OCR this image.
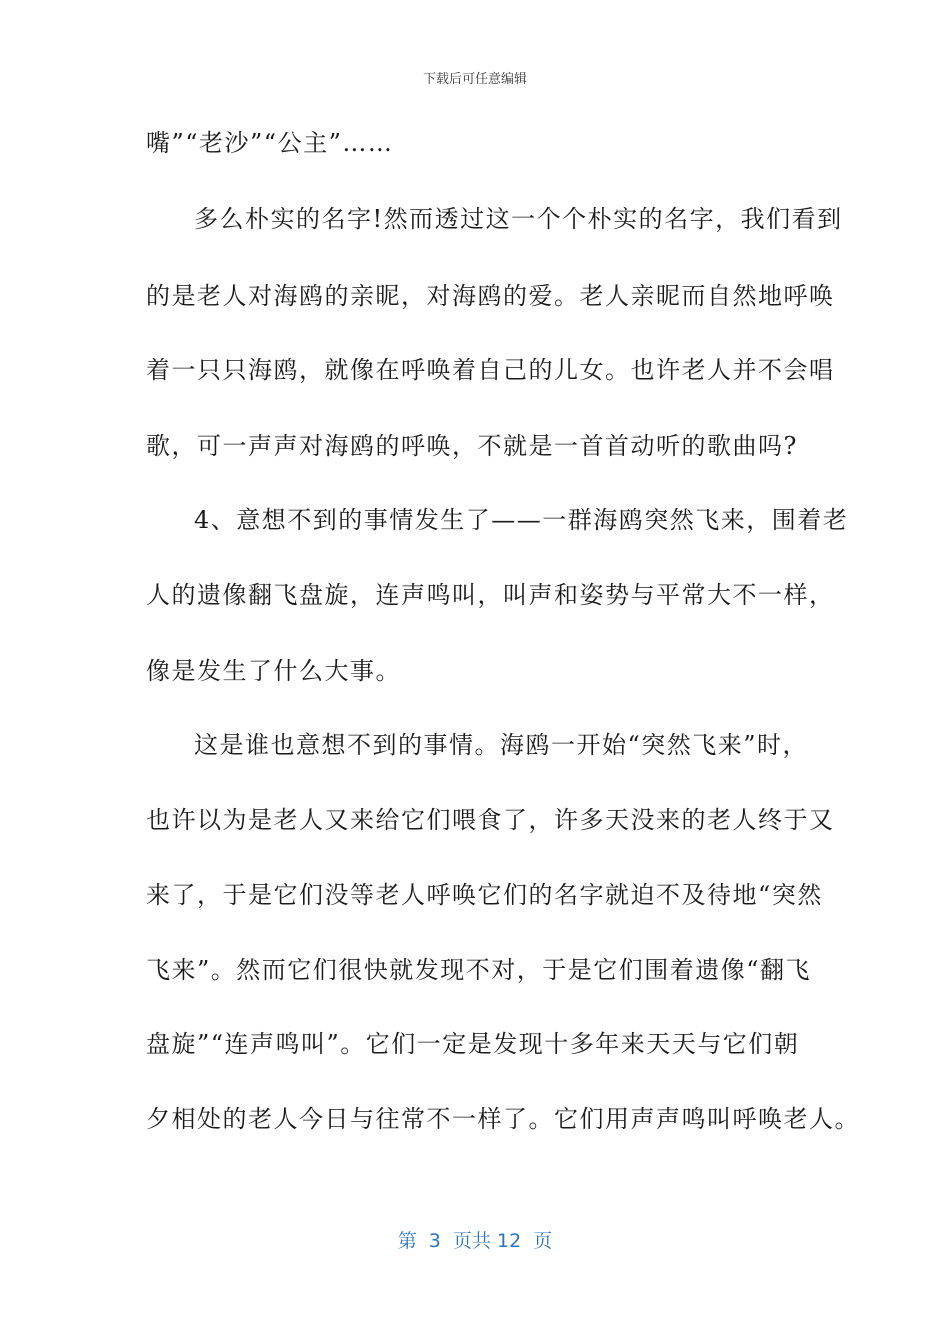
下载后可任意编辑
嘴”“老沙”“公主”……
多么朴实的名字!然而透过这一个个朴实的名字，我们看到
的是老人对海鸥的亲昵，对海鸥的爱。老人亲昵而自然地呼唤
着一只只海鸥，就像在呼唤着自己的儿女。也许老人并不会唱
歌，可一声声对海鸥的呼唤，不就是一首首动听的歌曲吗?
4、意想不到的事情发生了——一群海鸥突然飞来，围着老
人的遗像翻飞盘旋，连声鸣叫，叫声和姿势与平常大不一样，
像是发生了什么大事。
这是谁也意想不到的事情。海鸥一开始“突然飞来”时，
也许以为是老人又来给它们喂食了，许多天没来的老人终于又
来了，于是它们没等老人呼唤它们的名字就迫不及待地“突然
飞来”。然而它们很快就发现不对，于是它们围着遗像“翻飞
盘旋”“连声鸣叫”。它们一定是发现十多年来天天与它们朝
夕相处的老人今日与往常不一样了。它们用声声鸣叫呼唤老人。
第  3  页共 12  页
